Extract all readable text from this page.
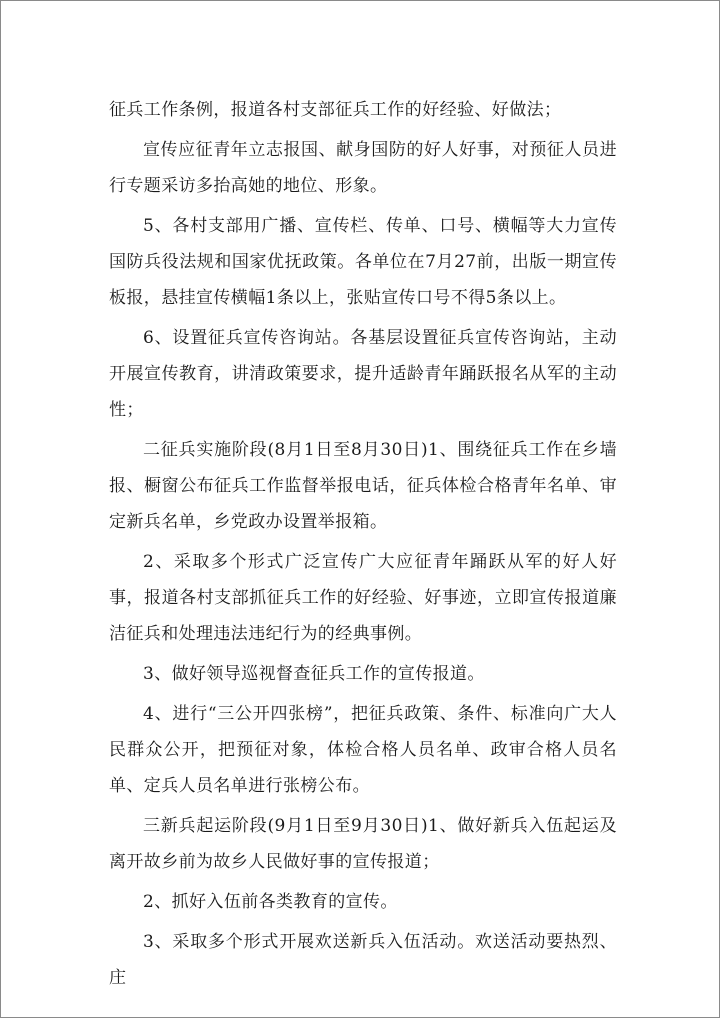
征兵工作条例，报道各村支部征兵工作的好经验、好做法；

宣传应征青年立志报国、献身国防的好人好事，对预征人员进行专题采访多抬高她的地位、形象。

5、各村支部用广播、宣传栏、传单、口号、横幅等大力宣传国防兵役法规和国家优抚政策。各单位在7月27前，出版一期宣传板报，悬挂宣传横幅1条以上，张贴宣传口号不得5条以上。

6、设置征兵宣传咨询站。各基层设置征兵宣传咨询站，主动开展宣传教育，讲清政策要求，提升适龄青年踊跃报名从军的主动性；

二征兵实施阶段(8月1日至8月30日)1、围绕征兵工作在乡墙报、橱窗公布征兵工作监督举报电话，征兵体检合格青年名单、审定新兵名单，乡党政办设置举报箱。

2、采取多个形式广泛宣传广大应征青年踊跃从军的好人好事，报道各村支部抓征兵工作的好经验、好事迹，立即宣传报道廉洁征兵和处理违法违纪行为的经典事例。

3、做好领导巡视督查征兵工作的宣传报道。

4、进行“三公开四张榜”，把征兵政策、条件、标准向广大人民群众公开，把预征对象，体检合格人员名单、政审合格人员名单、定兵人员名单进行张榜公布。

三新兵起运阶段(9月1日至9月30日)1、做好新兵入伍起运及离开故乡前为故乡人民做好事的宣传报道；

2、抓好入伍前各类教育的宣传。

3、采取多个形式开展欢送新兵入伍活动。欢送活动要热烈、庄
